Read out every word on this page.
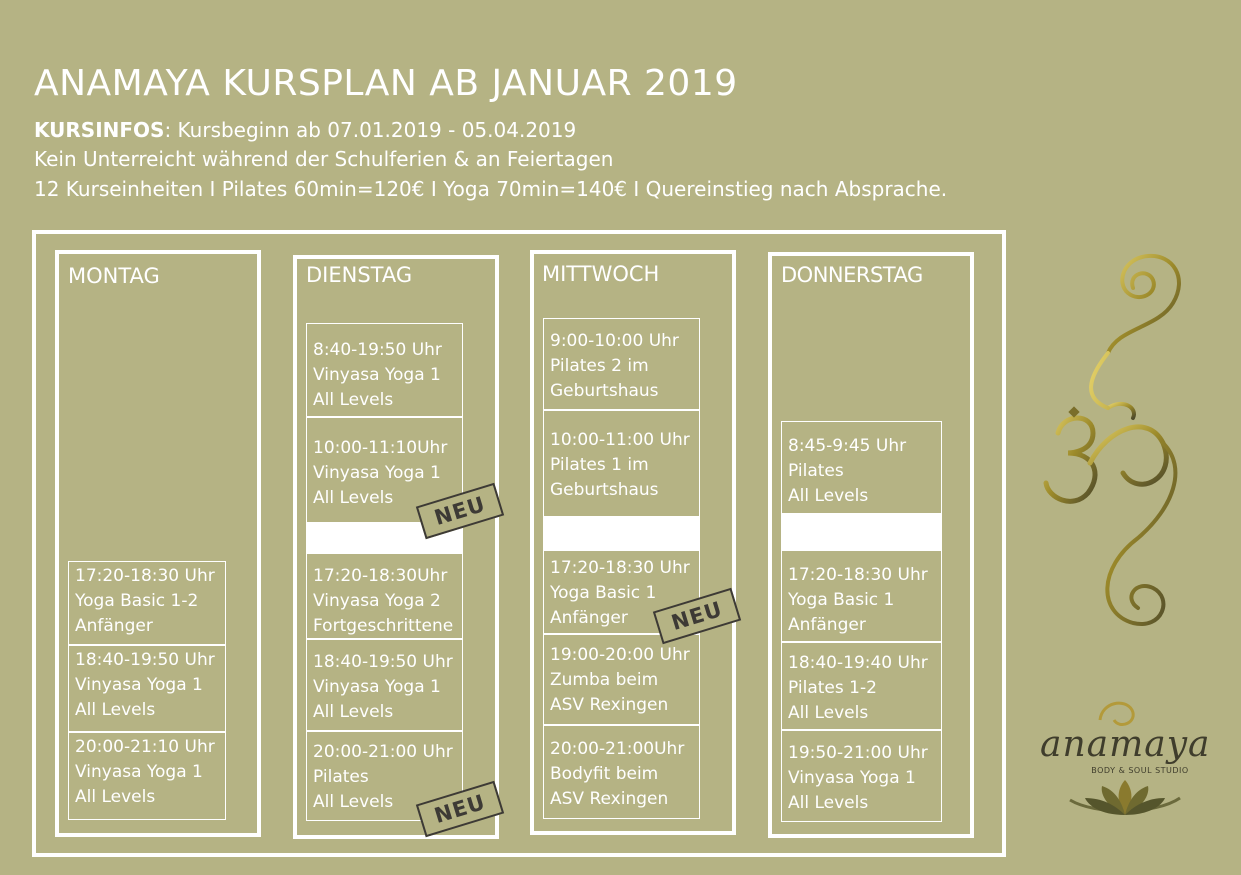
ANAMAYA KURSPLAN AB JANUAR 2019
KURSINFOS: Kursbeginn ab 07.01.2019 - 05.04.2019
Kein Unterreicht während der Schulferien & an Feiertagen
12 Kurseinheiten I Pilates 60min=120€ I Yoga 70min=140€ I Quereinstieg nach Absprache.
MONTAG
17:20-18:30 Uhr
Yoga Basic 1-2
Anfänger
18:40-19:50 Uhr
Vinyasa Yoga 1
All Levels
20:00-21:10 Uhr
Vinyasa Yoga 1
All Levels
DIENSTAG
8:40-19:50 Uhr
Vinyasa Yoga 1
All Levels
10:00-11:10Uhr
Vinyasa Yoga 1
All Levels
17:20-18:30Uhr
Vinyasa Yoga 2
Fortgeschrittene
18:40-19:50 Uhr
Vinyasa Yoga 1
All Levels
20:00-21:00 Uhr
Pilates
All Levels
NEU
NEU
MITTWOCH
9:00-10:00 Uhr
Pilates 2 im
Geburtshaus
10:00-11:00 Uhr
Pilates 1 im
Geburtshaus
17:20-18:30 Uhr
Yoga Basic 1
Anfänger
19:00-20:00 Uhr
Zumba beim
ASV Rexingen
20:00-21:00Uhr
Bodyfit beim
ASV Rexingen
NEU
DONNERSTAG
8:45-9:45 Uhr
Pilates
All Levels
17:20-18:30 Uhr
Yoga Basic 1
Anfänger
18:40-19:40 Uhr
Pilates 1-2
All Levels
19:50-21:00 Uhr
Vinyasa Yoga 1
All Levels
anamaya
BODY & SOUL STUDIO
